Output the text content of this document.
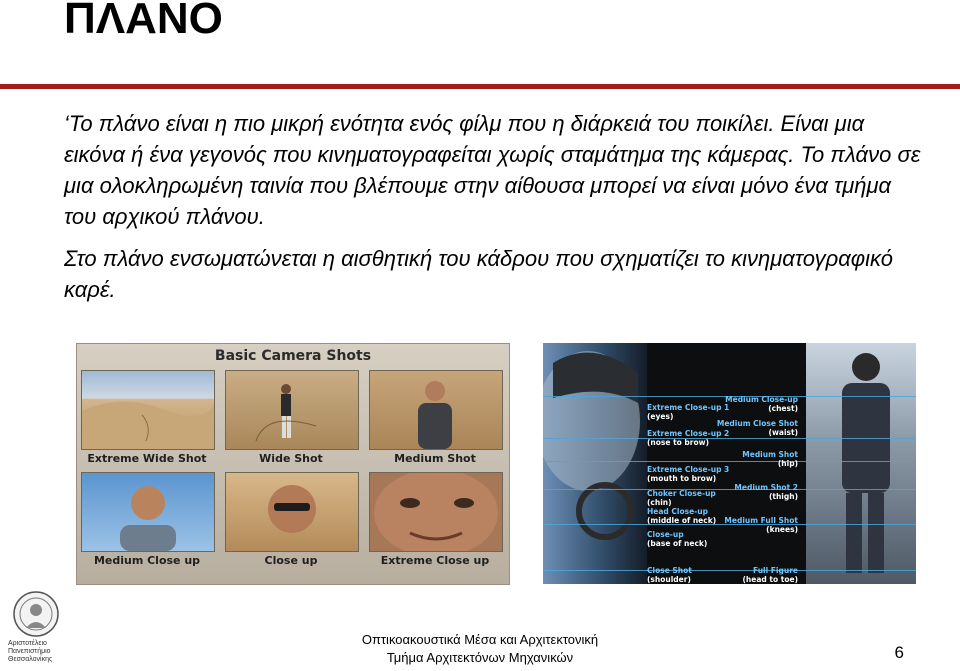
ΠΛΑΝΟ

‘Το πλάνο είναι η πιο μικρή ενότητα ενός φίλμ που η διάρκειά του ποικίλει. Είναι μια εικόνα ή ένα γεγονός που κινηματογραφείται χωρίς σταμάτημα της κάμερας. Το πλάνο σε μια ολοκληρωμένη ταινία που βλέπουμε στην αίθουσα μπορεί να είναι μόνο ένα τμήμα του αρχικού πλάνου.

Στο πλάνο ενσωματώνεται η αισθητική του κάδρου που σχηματίζει το κινηματογραφικό καρέ.

Basic Camera Shots
Extreme Wide Shot	Wide Shot	Medium Shot
Medium Close up	Close up	Extreme Close up
Extreme Close-up 1
(eyes)
Extreme Close-up 2
(nose to brow)
Extreme Close-up 3
(mouth to brow)
Choker Close-up
(chin)
Head Close-up
(middle of neck)
Close-up
(base of neck)
Close Shot
(shoulder)
Medium Close-up
(chest)
Medium Close Shot
(waist)
Medium Shot
(hip)
Medium Shot 2
(thigh)
Medium Full Shot
(knees)
Full Figure
(head to toe)
Αριστοτέλειο
Πανεπιστήμιο
Θεσσαλονίκης
Οπτικοακουστικά Μέσα και Αρχιτεκτονική
Τμήμα Αρχιτεκτόνων Μηχανικών	6
